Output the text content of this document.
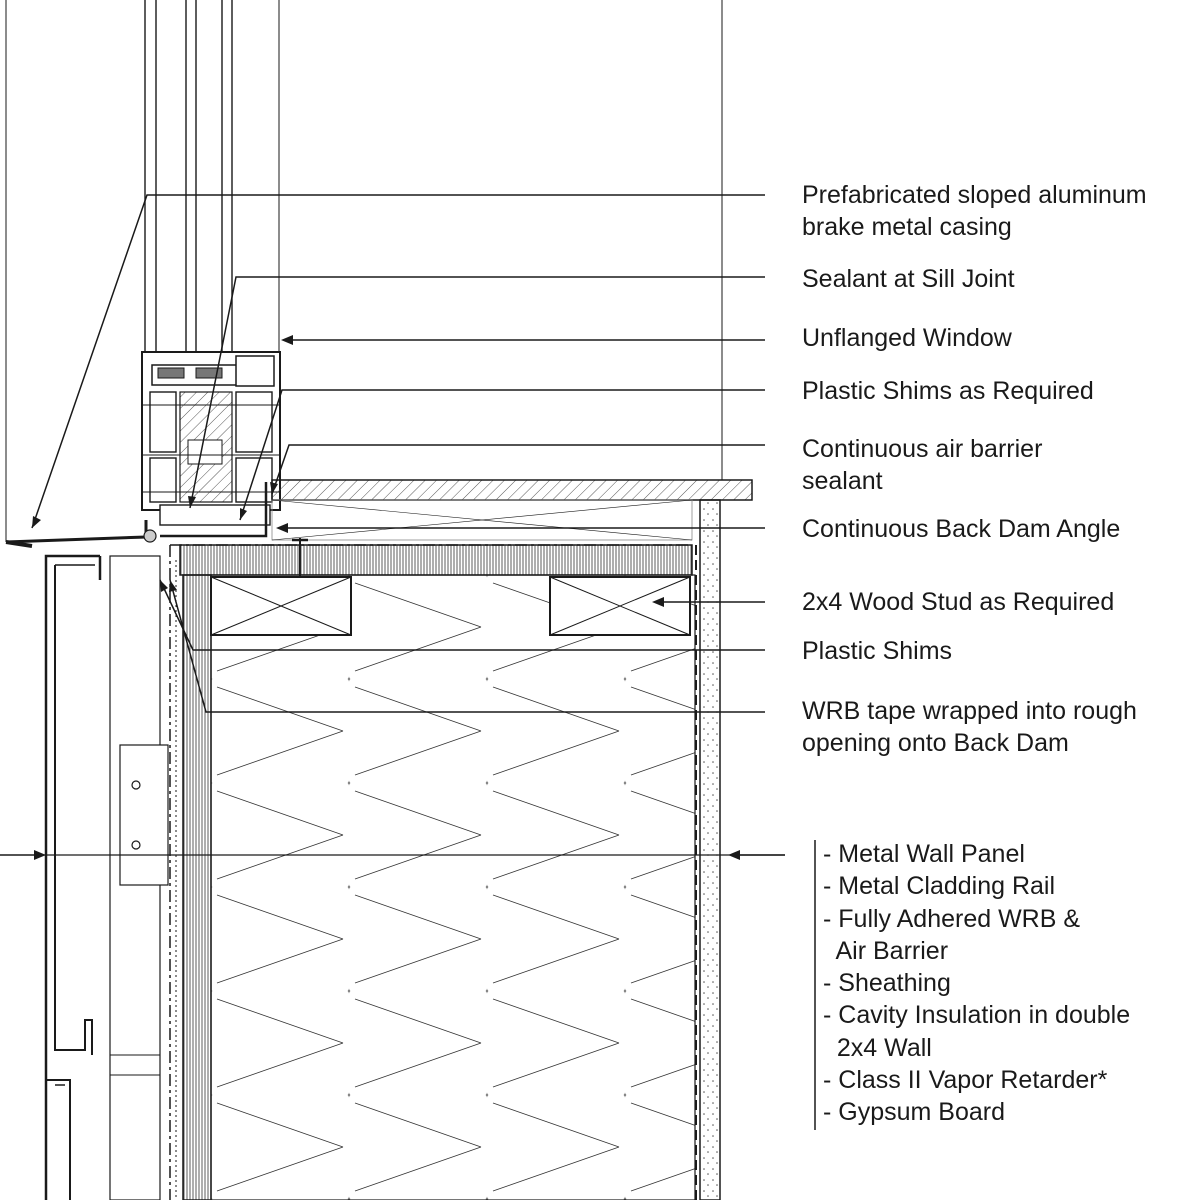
Prefabricated sloped aluminum
brake metal casing
Sealant at Sill Joint
Unflanged Window
Plastic Shims as Required
Continuous air barrier
sealant
Continuous Back Dam Angle
2x4 Wood Stud as Required
Plastic Shims
WRB tape wrapped into rough
opening onto Back Dam
- Metal Wall Panel
- Metal Cladding Rail
- Fully Adhered WRB &
Air Barrier
- Sheathing
- Cavity Insulation in double
2x4 Wall
- Class II Vapor Retarder*
- Gypsum Board
